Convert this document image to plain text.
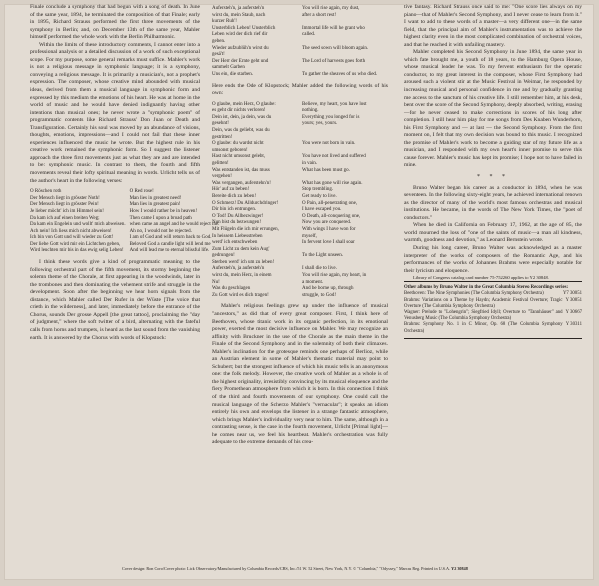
Finale conclude a symphony that had begun with a song of death. In June of the same year, 1894, he terminated the composition of that Finale; early in 1895, Richard Strauss performed the first three movements of the symphony in Berlin; and, on December 13th of the same year, Mahler himself performed the whole work with the Berlin Philharmonic.

Within the limits of these introductory comments, I cannot enter into a professional analysis or a detailed discussion of a work of such exceptional scope. For my purpose, some general remarks must suffice. Mahler's work is not a religious message in symphonic language; it is a symphony, conveying a religious message. It is primarily a musician's, not a prophet's expression. The composer, whose creative mind abounded with musical ideas, derived from them a musical language in symphonic form and expressed by this medium the emotions of his heart. He was at home in the world of music and he would have denied indignantly having other intentions than musical ones; he never wrote a "symphonic poem" of programmatic contents like Richard Strauss' Don Juan or Death and Transfiguration. Certainly his soul was moved by an abundance of visions, thoughts, emotions, impressions—and I could not fail that these inner experiences influenced the music he wrote. But the highest rule in his creative work remained the symphonic form. So I suggest the listener approach the three first movements just as what they are and are intended to be: symphonic music. In contrast to them, the fourth and fifth movements reveal their lofty spiritual meaning in words. Urlicht tells us of the author's heart in the following verses:

O Röschen roth
Der Mensch liegt in grösster Noth!
Der Mensch liegt in grösster Pein!
Je lieber möcht' ich im Himmel sein!
Da kam ich auf einen breiten Weg;
Da kam ein Engelein und wollt' mich abweisen.
Ach nein! Ich liess mich nicht abweisen!
Ich bin von Gott und will wieder zu Gott!
Der liebe Gott wird mir ein Lichtchen geben,
Wird leuchten mir bis in das ewig selig Leben!
O Red rose!
Man lies in greatest need!
Man lies in greatest pain!
How I would rather be in heaven!
Then came I upon a broad path
when came an angel and he would reject me.
Ah no, I would not be rejected.
I am of God and will return back to God.
Beloved God a candle light will lend me
And will lead me to eternal blissful life.

I think these words give a kind of programmatic meaning to the following orchestral part of the fifth movement, its stormy beginning the solemn theme of the Chorale, at first appearing in the woodwinds, later in the trombones and then dominating the vehement strife and struggle in the development. Soon after the beginning we hear horn signals from the distance, which Mahler called Der Rufer in der Wüste [The voice that crieth in the wilderness], and later, immediately before the entrance of the Chorus, sounds Der grosse Appell [the great tattoo], proclaiming the "day of judgment," where the soft twitter of a bird, alternating with the fateful calls from horns and trumpets, is heard as the last sound from the vanishing earth. It is answered by the Chorus with words of Klopstock:

Aufersteh'n, ja aufersteh'n
wirst du, mein Staub, nach
kurzer Ruh'!
Unsterblich Leben! Unsterblich
Leben wird der dich rief dir
geben.
Wieder aufzublüh'n wirst du
gesä't!
Der Herr der Ernte geht und
sammelt Garben
Uns ein, die starben.
You will rise again, my dust,
after a short rest!

Immortal life will he grant who
called.

The seed sown will bloom again.

The Lord of harvests goes forth

To gather the sheaves of us who died.

Here ends the Ode of Klopstock; Mahler added the following words of his own:

O glaube, mein Herz, O glaube:
es geht dir nichts verloren!
Dein ist, dein, ja dein, was du
gesehnt!
Dein, was du geliebt, was du
gestritten!
O glaube: du wardst nicht
umsonst geboren!
Hast nicht umsonst gelebt,
gelitten!
Was entstanden ist, das muss
vergehen!
Was vergangen, auferstehn'n!
Hör' auf zu beben!
Bereite dich zu leben!
O Schmerz! Du Alldurchdringer!
Dir bin ich entrungen.
O Tod! Du Allbezwinger!
Nun bist du bezwungen!
Mit Flügeln die ich mir errungen,
In heissem Liebesstreben
werd' ich entschweben
Zum Licht zu dem kein Aug'
gedrungen!
Sterben werd' ich um zu leben!
Aufersteh'n, ja aufersteh'n
wirst du, mein Herz, in einem
Nu!
Was du geschlagen
Zu Gott wird es dich tragen!
Believe, my heart, you have lost
nothing.
Everything you longed for is
yours; yes, yours.

You were not born in vain.

You have not lived and suffered
in vain.
What has been must go.

What has gone will rise again.
Stop trembling.
Get ready to live.
O Pain, all-penetrating one,
I have escaped you.
O Death, all-conquering one,
Now you are conquered.
With wings I have won for
myself,
In fervent love I shall soar

To the Light unseen.

I shall die to live.
You will rise again, my heart, in
a moment.
And be borne up, through
struggle, to God!

Mahler's religious feelings grew up under the influence of musical "ancestors," as did that of every great composer. First, I think here of Beethoven, whose titanic work in its organic perfection, in its emotional power, exerted the most decisive influence on Mahler. We may recognize an affinity with Bruckner in the use of the Chorale as the main theme in the Finale of the Second Symphony and in the solemnity of both their climaxes. Mahler's inclination for the grotesque reminds one perhaps of Berlioz, while an Austrian element in some of Mahler's thematic material may point to Schubert; but the strongest influence of which his music tells is an anonymous one: the folk melody. However, the creative work of Mahler as a whole is of the highest originality, irresistibly convincing by its musical eloquence and the fiery Promethean atmosphere from which it is born. In this connection I think of the third and fourth movements of our symphony. One could call the musical language of the Scherzo Mahler's "vernacular"; it speaks an idiom entirely his own and envelops the listener in a strange fantastic atmosphere, which brings Mahler's individuality very near to him. The same, although in a contrasting sense, is the case in the fourth movement, Urlicht [Primal light]—he comes near us, we feel his heartbeat. Mahler's orchestration was fully adequate to the extreme demands of his crea-

tive fantasy. Richard Strauss once said to me: "One score lies always on my piano—that of Mahler's Second Symphony, and I never cease to learn from it." I want to add to these words of a master—a very different one—in the same field, that the principal aim of Mahler's instrumentation was to achieve the highest clarity even in the most complicated combination of orchestral voices, and that he reached it with unfailing mastery.

Mahler completed his Second Symphony in June 1894, the same year in which fate brought me, a youth of 18 years, to the Hamburg Opera House, whose musical leader he was. To my fervent enthusiasm for the operatic conductor, to my great interest in the composer, whose First Symphony had aroused such a violent stir at the Music Festival in Weimar, he responded by increasing musical and personal confidence in me and by gradually granting me access to the sanctum of his creative life. I still remember him, at his desk, bent over the score of the Second Symphony, deeply absorbed, writing, erasing—for he never ceased to make corrections in scores of his long after completion. I still hear him play for me songs from Des Knaben Wunderhorn, his First Symphony and — at last — the Second Symphony. From the first moment on, I felt that my own decision was bound to this music. I recognized the promise of Mahler's work to become a guiding star of my future life as a musician, and I responded with my own heart's inner promise to serve this cause forever. Mahler's music has kept its promise; I hope not to have failed in mine.

* * *

Bruno Walter began his career as a conductor in 1894, when he was seventeen. In the following sixty-eight years, he achieved international renown as the director of many of the world's most famous orchestras and musical institutions. He became, in the words of The New York Times, the "poet of conductors."

When he died in California on February 17, 1962, at the age of 85, the world mourned the loss of "one of the saints of music—a man all kindness, warmth, goodness and devotion," as Leonard Bernstein wrote.

During his long career, Bruno Walter was acknowledged as a master interpreter of the works of composers of the Romantic Age, and his performances of the works of Johannes Brahms were especially notable for their lyricism and eloquence.

Library of Congress catalog card number 75-752260 applies to Y2 30848.

Other albums by Bruno Walter in the Great Columbia Stereo Recordings series:
Beethoven: The Nine Symphonies (The Columbia Symphony Orchestra)	Y7 30051
Brahms: Variations on a Theme by Haydn; Academic Festival Overture; Tragic Overture (The Columbia Symphony Orchestra)
Y 30851
Wagner: Prelude to "Lohengrin"; Siegfried Idyll; Overture to "Tannhäuser" and Venusberg Music (The Columbia Symphony Orchestra)
Y 30667
Brahms: Symphony No. 1 in C Minor, Op. 68 (The Columbia Symphony Orchestra)
Y 30311
Cover design: Ron Coro/Cover photo: Lick Observatory/Manufactured by Columbia Records/CBS, Inc./51 W. 52 Street, New York, N.Y. © "Columbia," "Odyssey," Marcas Reg. Printed in U.S.A. Y2 30848
